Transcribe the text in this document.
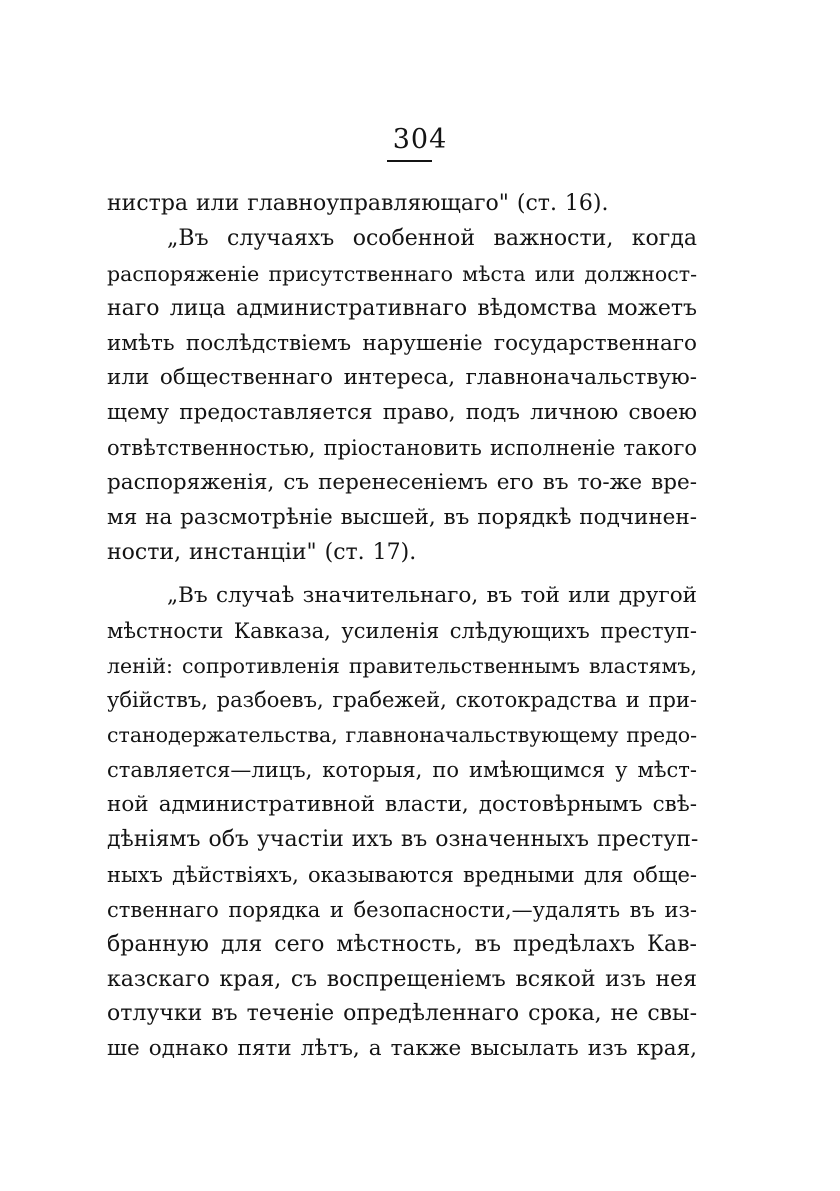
304
нистра или главноуправляющаго" (ст. 16).
„Въ случаяхъ особенной важности, когда
распоряженіе присутственнаго мѣста или должност-
наго лица административнаго вѣдомства можетъ
имѣть послѣдствіемъ нарушеніе государственнаго
или общественнаго интереса, главноначальствую-
щему предоставляется право, подъ личною своею
отвѣтственностью, пріостановить исполненіе такого
распоряженія, съ перенесеніемъ его въ то-же вре-
мя на разсмотрѣніе высшей, въ порядкѣ подчинен-
ности, инстанціи" (ст. 17).
„Въ случаѣ значительнаго, въ той или другой
мѣстности Кавказа, усиленія слѣдующихъ преступ-
леній: сопротивленія правительственнымъ властямъ,
убійствъ, разбоевъ, грабежей, скотокрадства и при-
станодержательства, главноначальствующему предо-
ставляется—лицъ, которыя, по имѣющимся у мѣст-
ной административной власти, достовѣрнымъ свѣ-
дѣніямъ объ участіи ихъ въ означенныхъ преступ-
ныхъ дѣйствіяхъ, оказываются вредными для обще-
ственнаго порядка и безопасности,—удалять въ из-
бранную для сего мѣстность, въ предѣлахъ Кав-
казскаго края, съ воспрещеніемъ всякой изъ нея
отлучки въ теченіе опредѣленнаго срока, не свы-
ше однако пяти лѣтъ, а также высылать изъ края,
